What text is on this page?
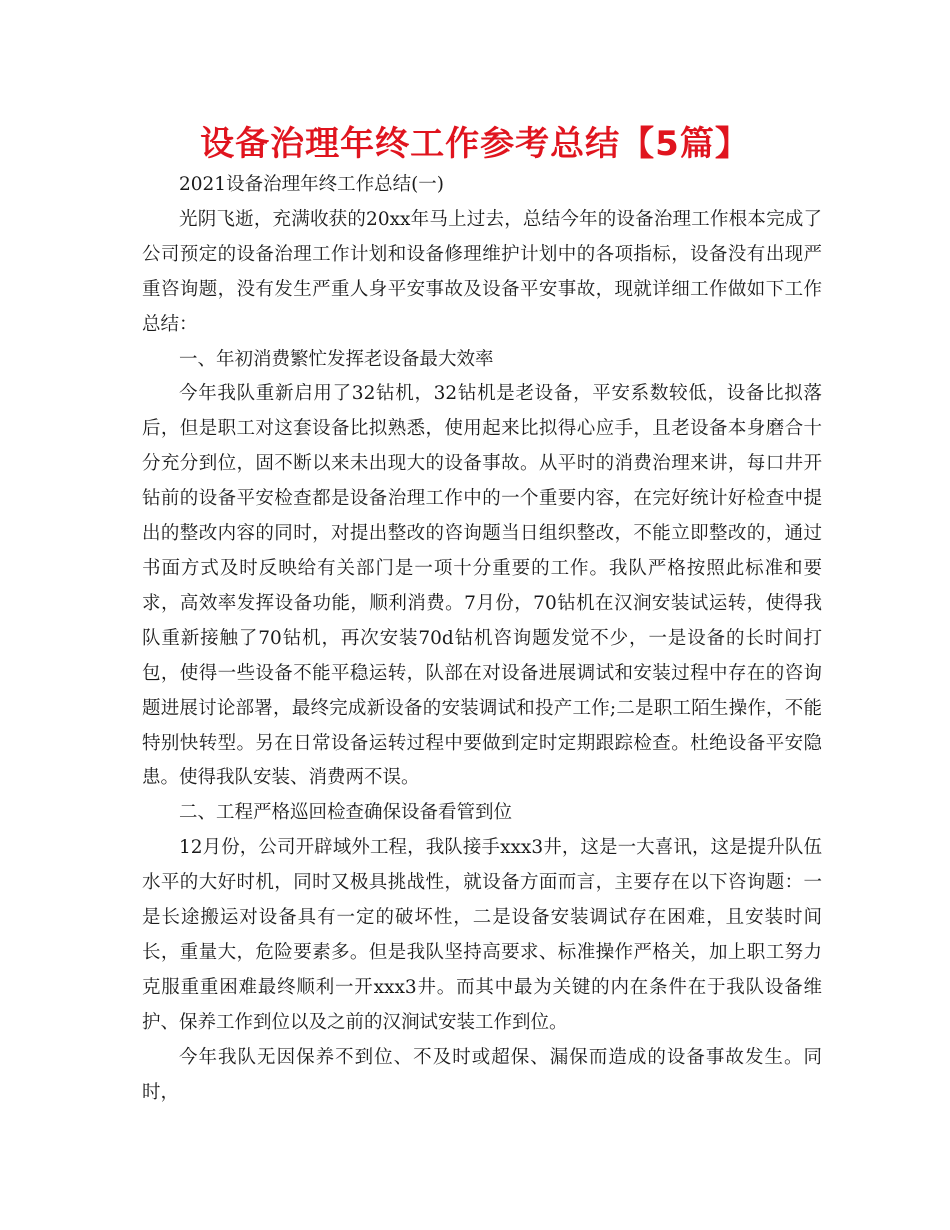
设备治理年终工作参考总结【5篇】

2021设备治理年终工作总结(一)

光阴飞逝，充满收获的20xx年马上过去，总结今年的设备治理工作根本完成了公司预定的设备治理工作计划和设备修理维护计划中的各项指标，设备没有出现严重咨询题，没有发生严重人身平安事故及设备平安事故，现就详细工作做如下工作总结：

一、年初消费繁忙发挥老设备最大效率

今年我队重新启用了32钻机，32钻机是老设备，平安系数较低，设备比拟落后，但是职工对这套设备比拟熟悉，使用起来比拟得心应手，且老设备本身磨合十分充分到位，固不断以来未出现大的设备事故。从平时的消费治理来讲，每口井开钻前的设备平安检查都是设备治理工作中的一个重要内容，在完好统计好检查中提出的整改内容的同时，对提出整改的咨询题当日组织整改，不能立即整改的，通过书面方式及时反映给有关部门是一项十分重要的工作。我队严格按照此标准和要求，高效率发挥设备功能，顺利消费。7月份，70钻机在汉涧安装试运转，使得我队重新接触了70钻机，再次安装70d钻机咨询题发觉不少，一是设备的长时间打包，使得一些设备不能平稳运转，队部在对设备进展调试和安装过程中存在的咨询题进展讨论部署，最终完成新设备的安装调试和投产工作;二是职工陌生操作，不能特别快转型。另在日常设备运转过程中要做到定时定期跟踪检查。杜绝设备平安隐患。使得我队安装、消费两不误。

二、工程严格巡回检查确保设备看管到位

12月份，公司开辟域外工程，我队接手xxx3井，这是一大喜讯，这是提升队伍水平的大好时机，同时又极具挑战性，就设备方面而言，主要存在以下咨询题：一是长途搬运对设备具有一定的破坏性，二是设备安装调试存在困难，且安装时间长，重量大，危险要素多。但是我队坚持高要求、标准操作严格关，加上职工努力克服重重困难最终顺利一开xxx3井。而其中最为关键的内在条件在于我队设备维护、保养工作到位以及之前的汉涧试安装工作到位。

今年我队无因保养不到位、不及时或超保、漏保而造成的设备事故发生。同时，
